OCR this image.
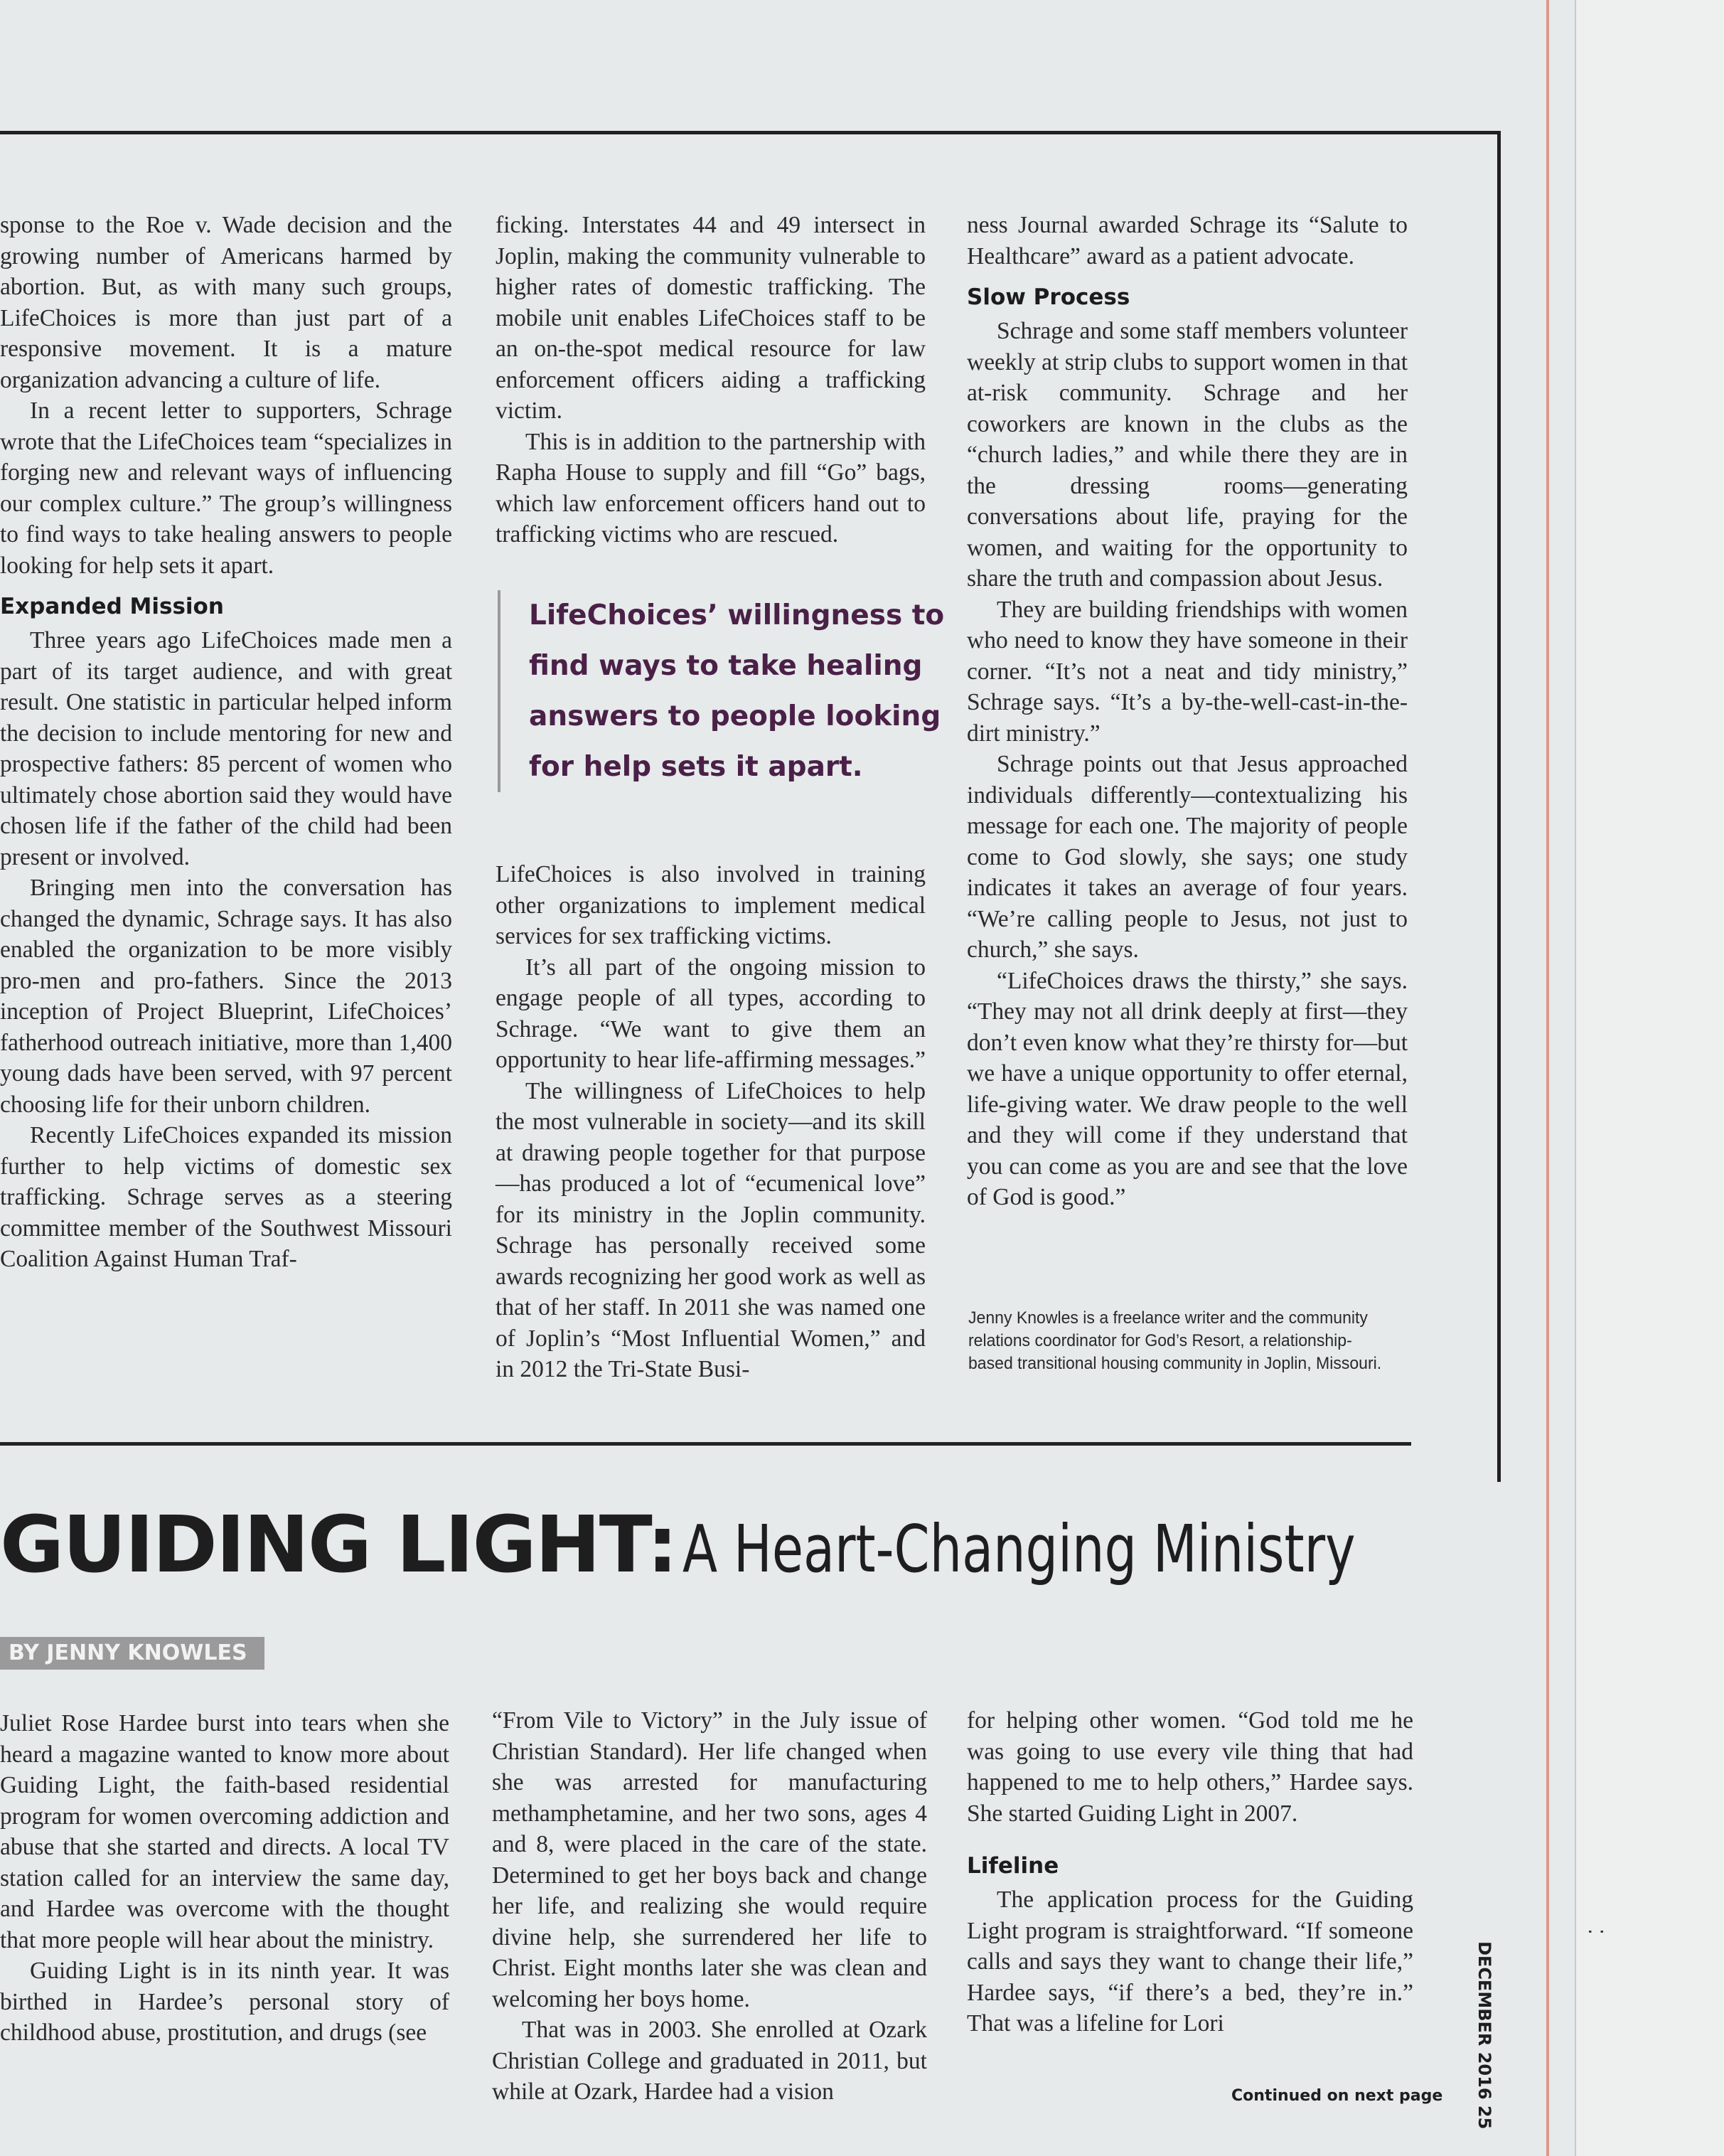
sponse to the Roe v. Wade decision and the growing number of Americans harmed by abortion. But, as with many such groups, LifeChoices is more than just part of a responsive movement. It is a mature organization advancing a culture of life.

In a recent letter to supporters, Schrage wrote that the LifeChoices team “specializes in forging new and relevant ways of influencing our complex culture.” The group’s willingness to find ways to take healing answers to people looking for help sets it apart.

Expanded Mission

Three years ago LifeChoices made men a part of its target audience, and with great result. One statistic in particular helped inform the decision to include mentoring for new and prospective fathers: 85 percent of women who ultimately chose abortion said they would have chosen life if the father of the child had been present or involved.

Bringing men into the conversation has changed the dynamic, Schrage says. It has also enabled the organization to be more visibly pro-men and pro-fathers. Since the 2013 inception of Project Blueprint, LifeChoices’ fatherhood outreach initiative, more than 1,400 young dads have been served, with 97 percent choosing life for their unborn children.

Recently LifeChoices expanded its mission further to help victims of domestic sex trafficking. Schrage serves as a steering committee member of the Southwest Missouri Coalition Against Human Traf-

ficking. Interstates 44 and 49 intersect in Joplin, making the community vulnerable to higher rates of domestic trafficking. The mobile unit enables LifeChoices staff to be an on-the-spot medical resource for law enforcement officers aiding a trafficking victim.

This is in addition to the partnership with Rapha House to supply and fill “Go” bags, which law enforcement officers hand out to trafficking victims who are rescued.

LifeChoices’ willingness to find ways to take healing answers to people looking for help sets it apart.

LifeChoices is also involved in training other organizations to implement medical services for sex trafficking victims.

It’s all part of the ongoing mission to engage people of all types, according to Schrage. “We want to give them an opportunity to hear life-affirming messages.”

The willingness of LifeChoices to help the most vulnerable in society—and its skill at drawing people together for that purpose—has produced a lot of “ecumenical love” for its ministry in the Joplin community. Schrage has personally received some awards recognizing her good work as well as that of her staff. In 2011 she was named one of Joplin’s “Most Influential Women,” and in 2012 the Tri-State Busi-

ness Journal awarded Schrage its “Salute to Healthcare” award as a patient advocate.

Slow Process

Schrage and some staff members volunteer weekly at strip clubs to support women in that at-risk community. Schrage and her coworkers are known in the clubs as the “church ladies,” and while there they are in the dressing rooms—generating conversations about life, praying for the women, and waiting for the opportunity to share the truth and compassion about Jesus.

They are building friendships with women who need to know they have someone in their corner. “It’s not a neat and tidy ministry,” Schrage says. “It’s a by-the-well-cast-in-the-dirt ministry.”

Schrage points out that Jesus approached individuals differently—contextualizing his message for each one. The majority of people come to God slowly, she says; one study indicates it takes an average of four years. “We’re calling people to Jesus, not just to church,” she says.

“LifeChoices draws the thirsty,” she says. “They may not all drink deeply at first—they don’t even know what they’re thirsty for—but we have a unique opportunity to offer eternal, life-giving water. We draw people to the well and they will come if they understand that you can come as you are and see that the love of God is good.”

Jenny Knowles is a freelance writer and the community relations coordinator for God’s Resort, a relationship-based transitional housing community in Joplin, Missouri.
GUIDING LIGHT:A Heart-Changing Ministry
BY JENNY KNOWLES

Juliet Rose Hardee burst into tears when she heard a magazine wanted to know more about Guiding Light, the faith-based residential program for women overcoming addiction and abuse that she started and directs. A local TV station called for an interview the same day, and Hardee was overcome with the thought that more people will hear about the ministry.

Guiding Light is in its ninth year. It was birthed in Hardee’s personal story of childhood abuse, prostitution, and drugs (see

“From Vile to Victory” in the July issue of Christian Standard). Her life changed when she was arrested for manufacturing methamphetamine, and her two sons, ages 4 and 8, were placed in the care of the state. Determined to get her boys back and change her life, and realizing she would require divine help, she surrendered her life to Christ. Eight months later she was clean and welcoming her boys home.

That was in 2003. She enrolled at Ozark Christian College and graduated in 2011, but while at Ozark, Hardee had a vision

for helping other women. “God told me he was going to use every vile thing that had happened to me to help others,” Hardee says. She started Guiding Light in 2007.

Lifeline

The application process for the Guiding Light program is straightforward. “If someone calls and says they want to change their life,” Hardee says, “if there’s a bed, they’re in.” That was a lifeline for Lori

Continued on next page DECEMBER 2016 25
⁚
